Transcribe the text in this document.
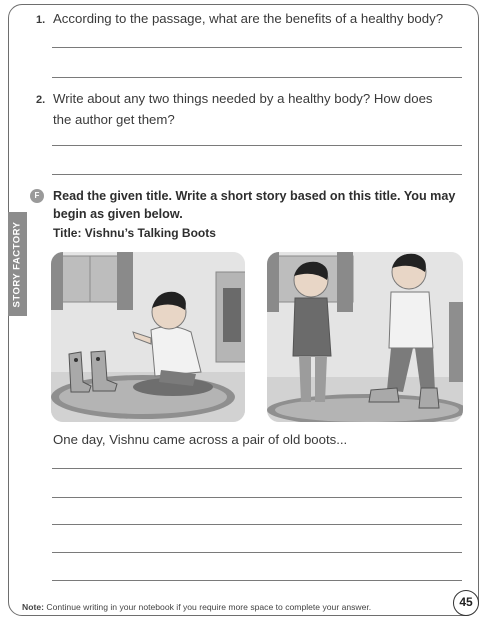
1. According to the passage, what are the benefits of a healthy body?
2. Write about any two things needed by a healthy body? How does
the author get them?
F	Read the given title. Write a short story based on this title. You may begin as given below.
Title: Vishnu’s Talking Boots
STORY FACTORY
One day, Vishnu came across a pair of old boots...
Note: Continue writing in your notebook if you require more space to complete your answer.	45
